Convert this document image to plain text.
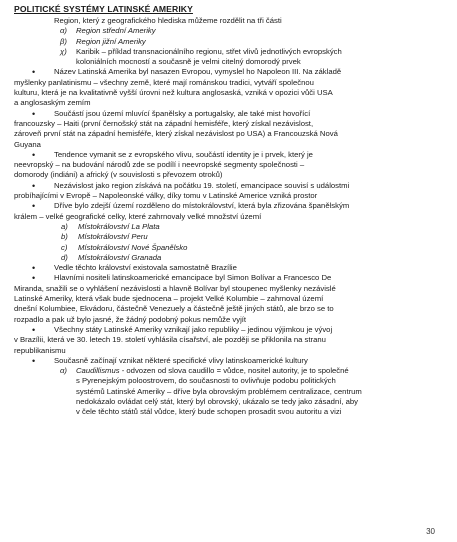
POLITICKÉ SYSTÉMY LATINSKÉ AMERIKY
Region, který z geografického hlediska můžeme rozdělit na tři části
α) Region střední Ameriky
β) Region jižní Ameriky
χ) Karibik – příklad transnacionálního regionu, střet vlivů jednotlivých evropských
koloniálních mocností a současně je velmi citelný domorodý prvek
• Název Latinská Amerika byl nasazen Evropou, vymyslel ho Napoleon III. Na základě
myšlenky panlatinismu – všechny země, které mají románskou tradici, vytváří společnou
kulturu, která je na kvalitativně vyšší úrovni než kultura anglosaská, vzniká v opozici vůči USA
a anglosaským zemím
• Součástí jsou území mluvící španělsky a portugalsky, ale také mist hovořící
francouzsky – Haiti (první černošský stát na západní hemisféře, který získal nezávislost,
zároveň první stát na západní hemisféře, který získal nezávislost po USA) a Francouzská Nová
Guyana
• Tendence vymanit se z evropského vlivu, součástí identity je i prvek, který je
neevropský – na budování národů zde se podílí i neevropské segmenty společnosti –
domorody (indiáni) a africký (v souvislosti s převozem otroků)
• Nezávislost jako region získává na počátku 19. století, emancipace souvisí s událostmi
probíhajícími v Evropě – Napoleonské války, díky tomu v Latinské Americe vzniká prostor
• Dříve bylo zdejší území rozděleno do místokrálovství, která byla zřizována španělským
králem – velké geografické celky, které zahrnovaly velké množství území
a) Místokrálovství La Plata
b) Místokrálovství Peru
c) Místokrálovství Nové Španělsko
d) Místokrálovství Granada
• Vedle těchto království existovala samostatně Brazílie
• Hlavními nositeli latinskoamerické emancipace byl Simon Bolívar a Francesco De
Miranda, snažili se o vyhlášení nezávislosti a hlavně Bolívar byl stoupenec myšlenky nezávislé
Latinské Ameriky, která však bude sjednocena – projekt Velké Kolumbie – zahrnoval území
dnešní Kolumbiee, Ekvádoru, částečně Venezuely a částečně ještě jiných států, ale brzo se to
rozpadlo a pak už bylo jasné, že žádný podobný pokus nemůže vyjít
• Všechny státy Latinské Ameriky vznikají jako republiky – jedinou výjimkou je vývoj
v Brazílii, která ve 30. letech 19. století vyhlásila císařství, ale později se přiklonila na stranu
republikanismu
• Současně začínají vznikat některé specifické vlivy latinskoamerické kultury
α) Caudillismus - odvozen od slova caudillo = vůdce, nositel autority, je to společné
s Pyrenejským poloostrovem, do současnosti to ovlivňuje podobu politických
systémů Latinské Ameriky – dříve byla obrovským problémem centralizace, centrum
nedokázalo ovládat celý stát, který byl obrovský, ukázalo se tedy jako zásadní, aby
v čele těchto států stál vůdce, který bude schopen prosadit svou autoritu a vizi
30
